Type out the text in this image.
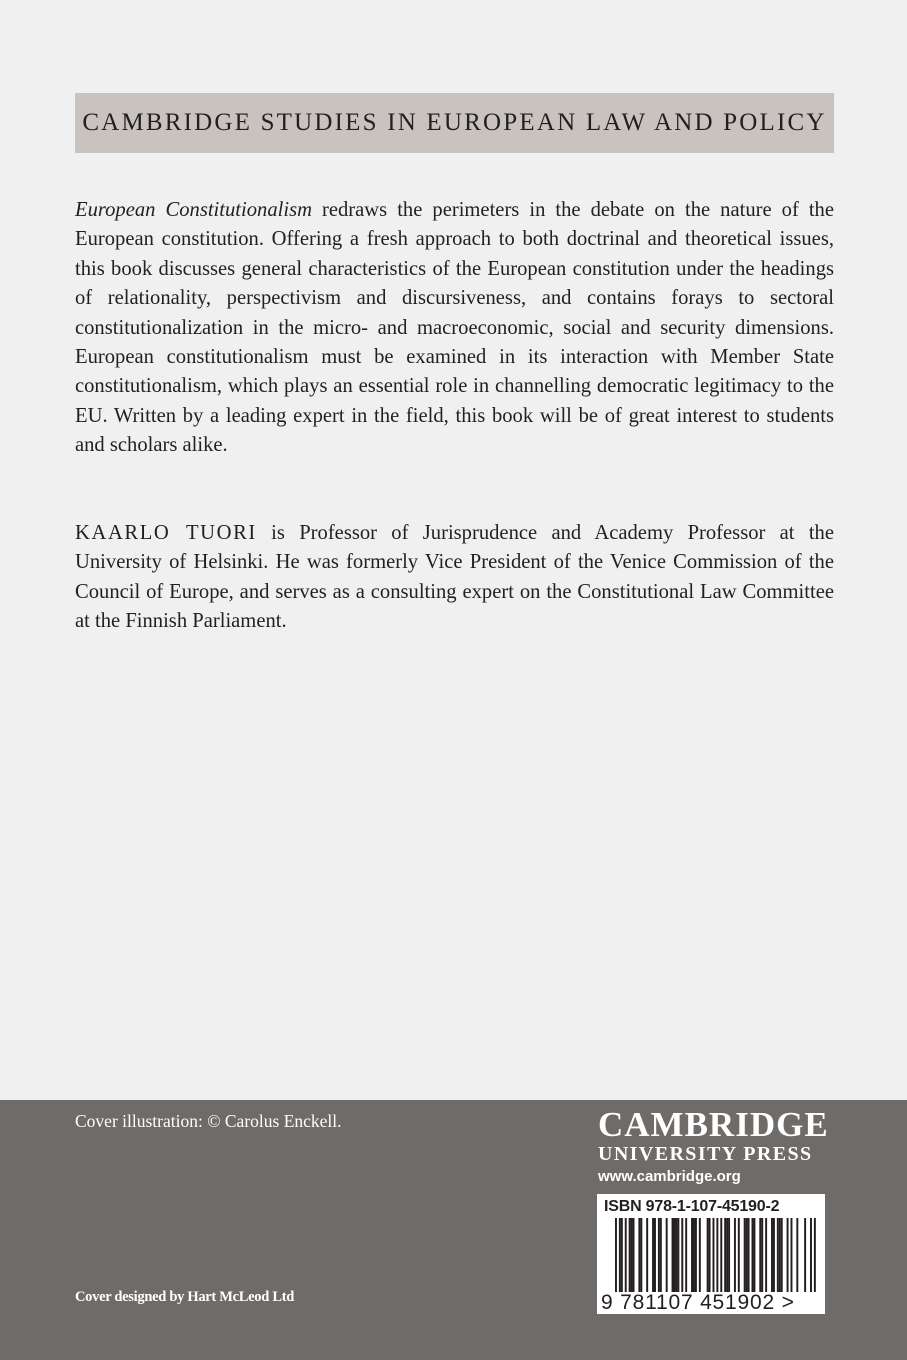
CAMBRIDGE STUDIES IN EUROPEAN LAW AND POLICY

European Constitutionalism redraws the perimeters in the debate on the nature of the European constitution. Offering a fresh approach to both doctrinal and theoretical issues, this book discusses general characteristics of the European constitution under the headings of relationality, perspectivism and discursiveness, and contains forays to sectoral constitutionalization in the micro- and macroeconomic, social and security dimensions. European constitutionalism must be examined in its interaction with Member State constitutionalism, which plays an essential role in channelling democratic legitimacy to the EU. Written by a leading expert in the field, this book will be of great interest to students and scholars alike.

KAARLO TUORI is Professor of Jurisprudence and Academy Professor at the University of Helsinki. He was formerly Vice President of the Venice Commission of the Council of Europe, and serves as a consulting expert on the Constitutional Law Committee at the Finnish Parliament.

Cover illustration: © Carolus Enckell.
Cover designed by Hart McLeod Ltd
CAMBRIDGE
UNIVERSITY PRESS
www.cambridge.org
ISBN 978-1-107-45190-2
9 781107 451902 >
